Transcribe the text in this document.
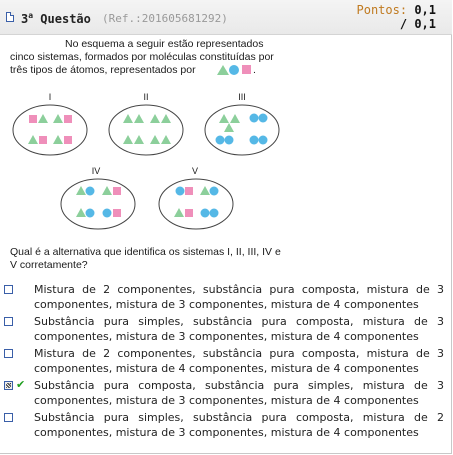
3$^a$ Questão (Ref.:201605681292)
Pontos: 0,1
/ 0,1
No esquema a seguir estão representados
cinco sistemas, formados por moléculas constituídas por
três tipos de átomos, representados por	.
I	II	III
IV	V
Qual é a alternativa que identifica os sistemas I, II, III, IV e
V corretamente?
Mistura de 2 componentes, substância pura composta, mistura de 3 componentes, mistura de 3 componentes, mistura de 4 componentes
Substância pura simples, substância pura composta, mistura de 3 componentes, mistura de 3 componentes, mistura de 4 componentes
Mistura de 2 componentes, substância pura composta, mistura de 3 componentes, mistura de 4 componentes, mistura de 4 componentes
✔ Substância pura composta, substância pura simples, mistura de 3 componentes, mistura de 3 componentes, mistura de 4 componentes
Substância pura simples, substância pura composta, mistura de 2 componentes, mistura de 3 componentes, mistura de 4 componentes
